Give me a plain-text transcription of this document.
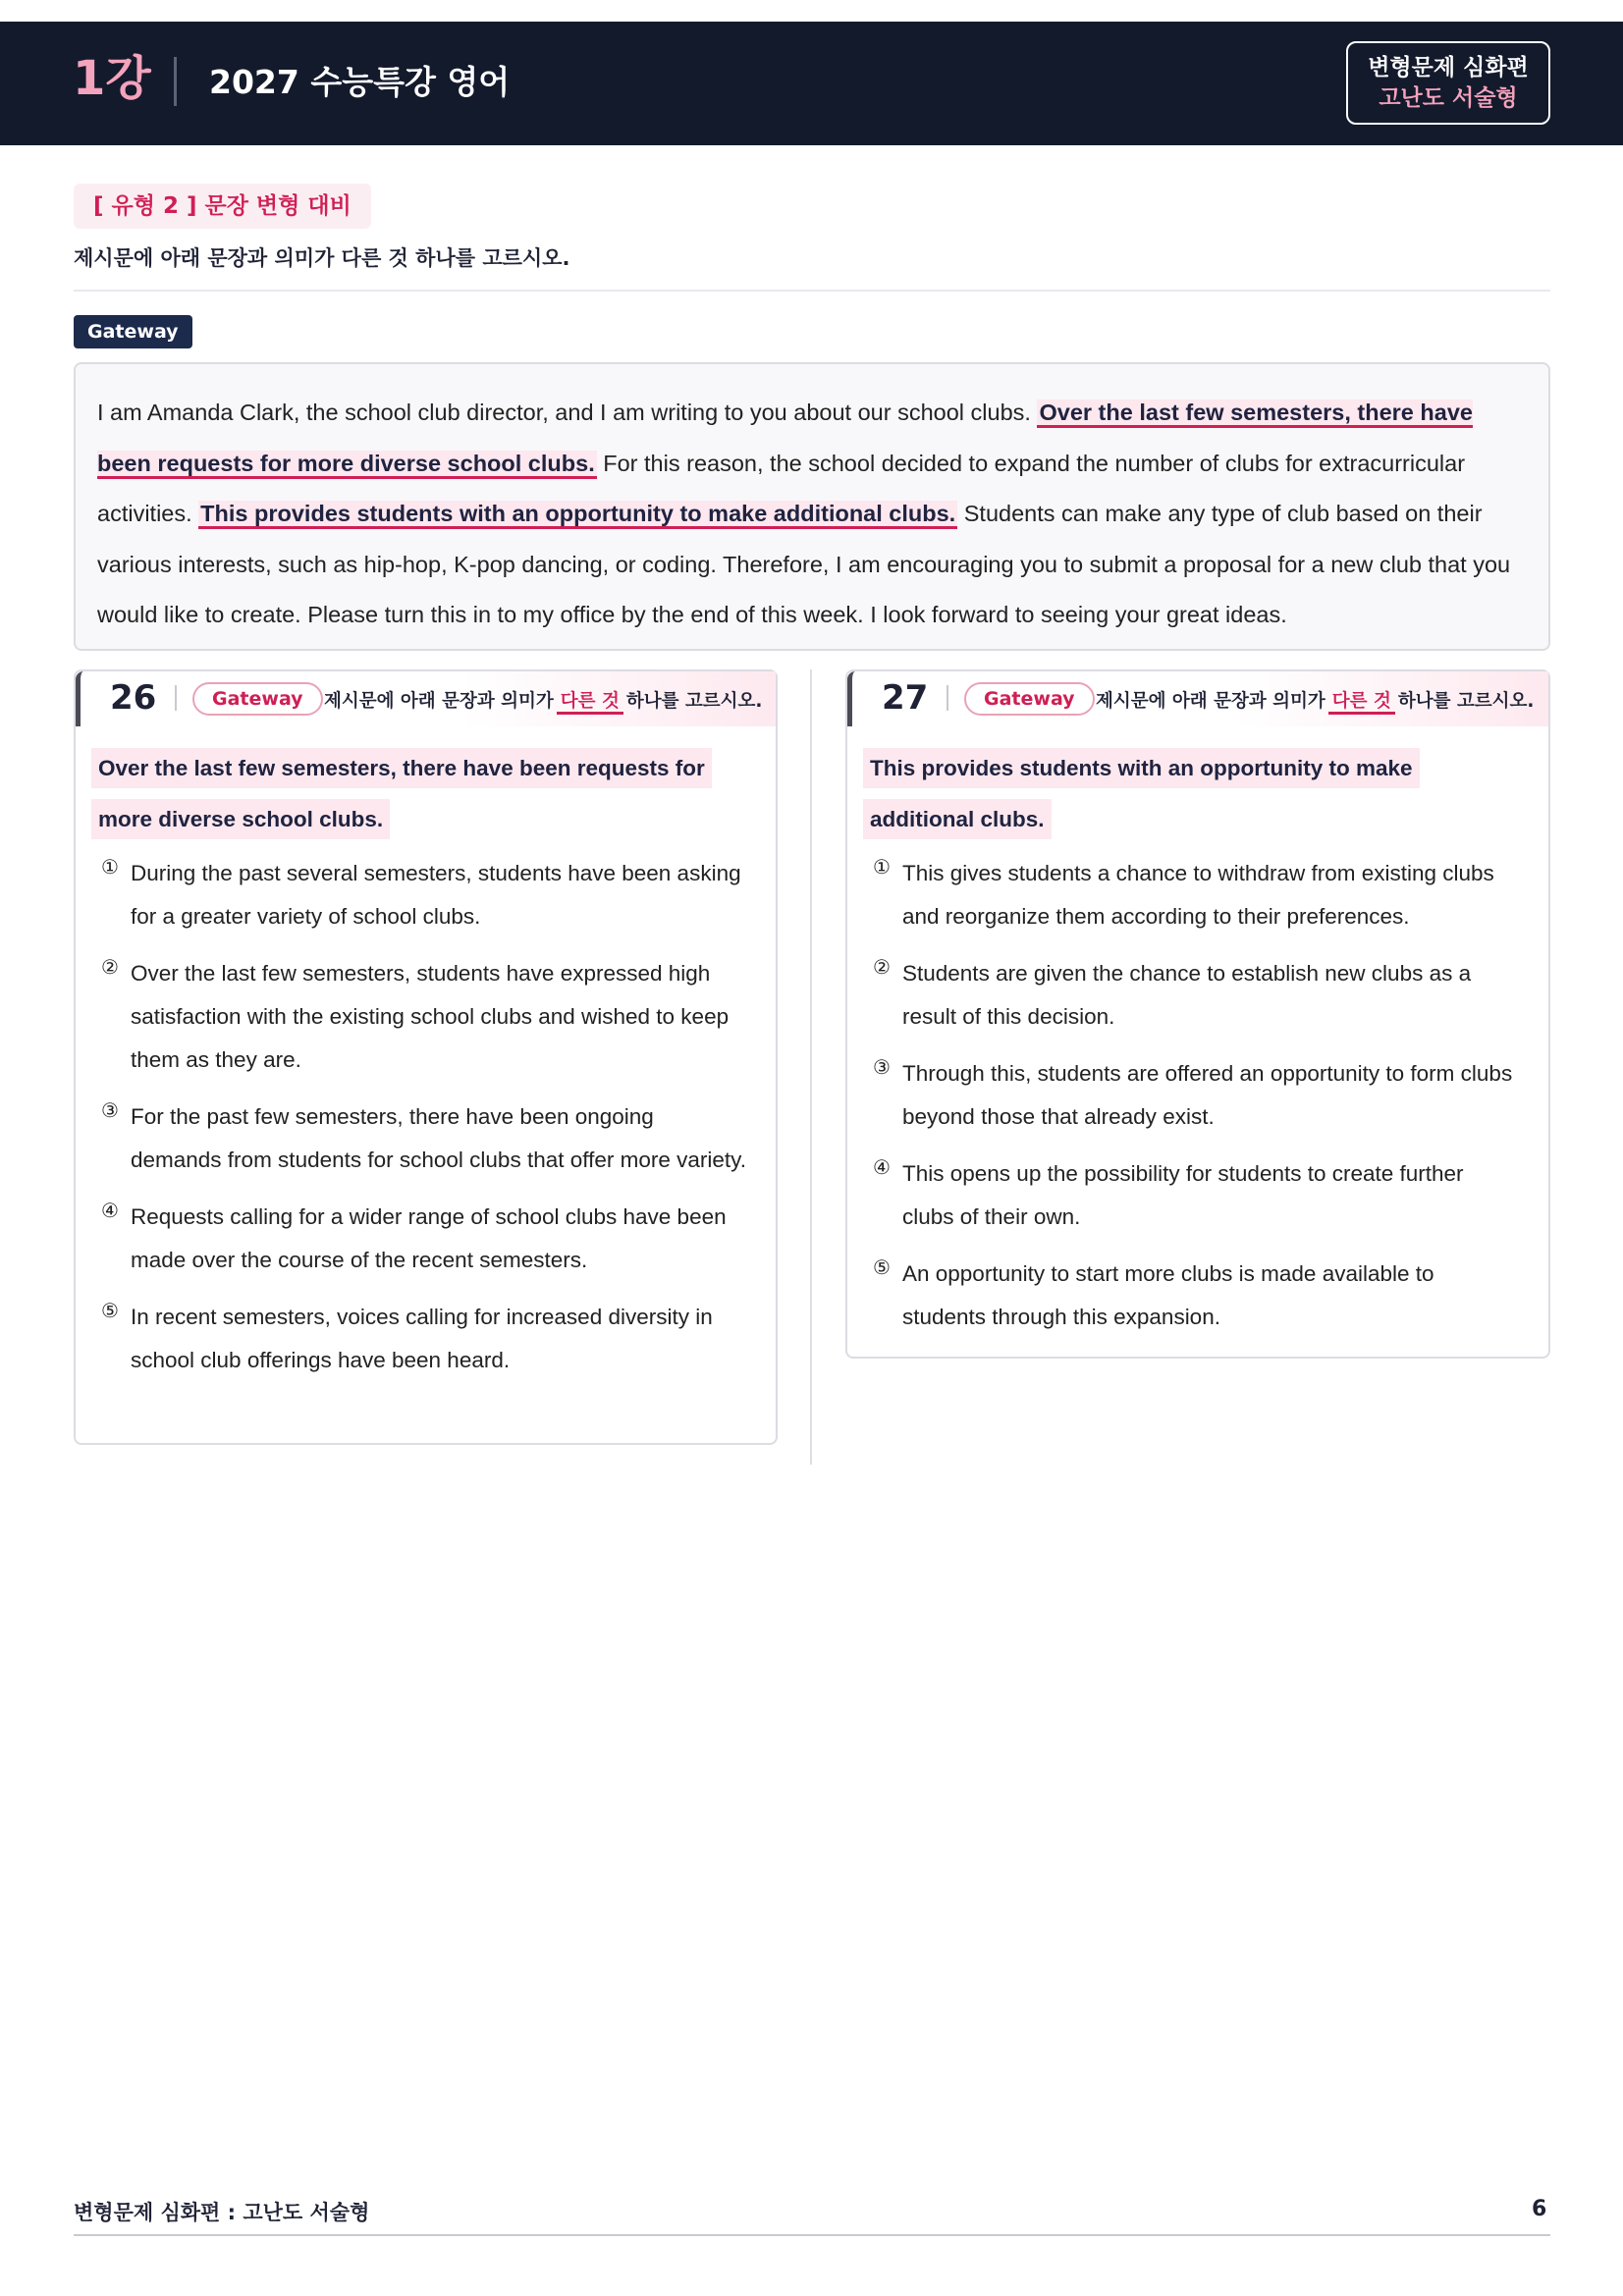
1강 2027 수능특강 영어	변형문제 심화편
고난도 서술형
[ 유형 2 ] 문장 변형 대비
제시문에 아래 문장과 의미가 다른 것 하나를 고르시오.
Gateway
I am Amanda Clark, the school club director, and I am writing to you about our school clubs. Over the last few semesters, there have been requests for more diverse school clubs. For this reason, the school decided to expand the number of clubs for extracurricular activities. This provides students with an opportunity to make additional clubs. Students can make any type of club based on their various interests, such as hip-hop, K-pop dancing, or coding. Therefore, I am encouraging you to submit a proposal for a new club that you would like to create. Please turn this in to my office by the end of this week. I look forward to seeing your great ideas.
26	Gateway	제시문에 아래 문장과 의미가 다른 것 하나를 고르시오.
Over the last few semesters, there have been requests for more diverse school clubs.
① During the past several semesters, students have been asking for a greater variety of school clubs.
② Over the last few semesters, students have expressed high satisfaction with the existing school clubs and wished to keep them as they are.
③ For the past few semesters, there have been ongoing demands from students for school clubs that offer more variety.
④ Requests calling for a wider range of school clubs have been made over the course of the recent semesters.
⑤ In recent semesters, voices calling for increased diversity in school club offerings have been heard.
27	Gateway	제시문에 아래 문장과 의미가 다른 것 하나를 고르시오.
This provides students with an opportunity to make additional clubs.
① This gives students a chance to withdraw from existing clubs and reorganize them according to their preferences.
② Students are given the chance to establish new clubs as a result of this decision.
③ Through this, students are offered an opportunity to form clubs beyond those that already exist.
④ This opens up the possibility for students to create further clubs of their own.
⑤ An opportunity to start more clubs is made available to students through this expansion.
변형문제 심화편 : 고난도 서술형	6
